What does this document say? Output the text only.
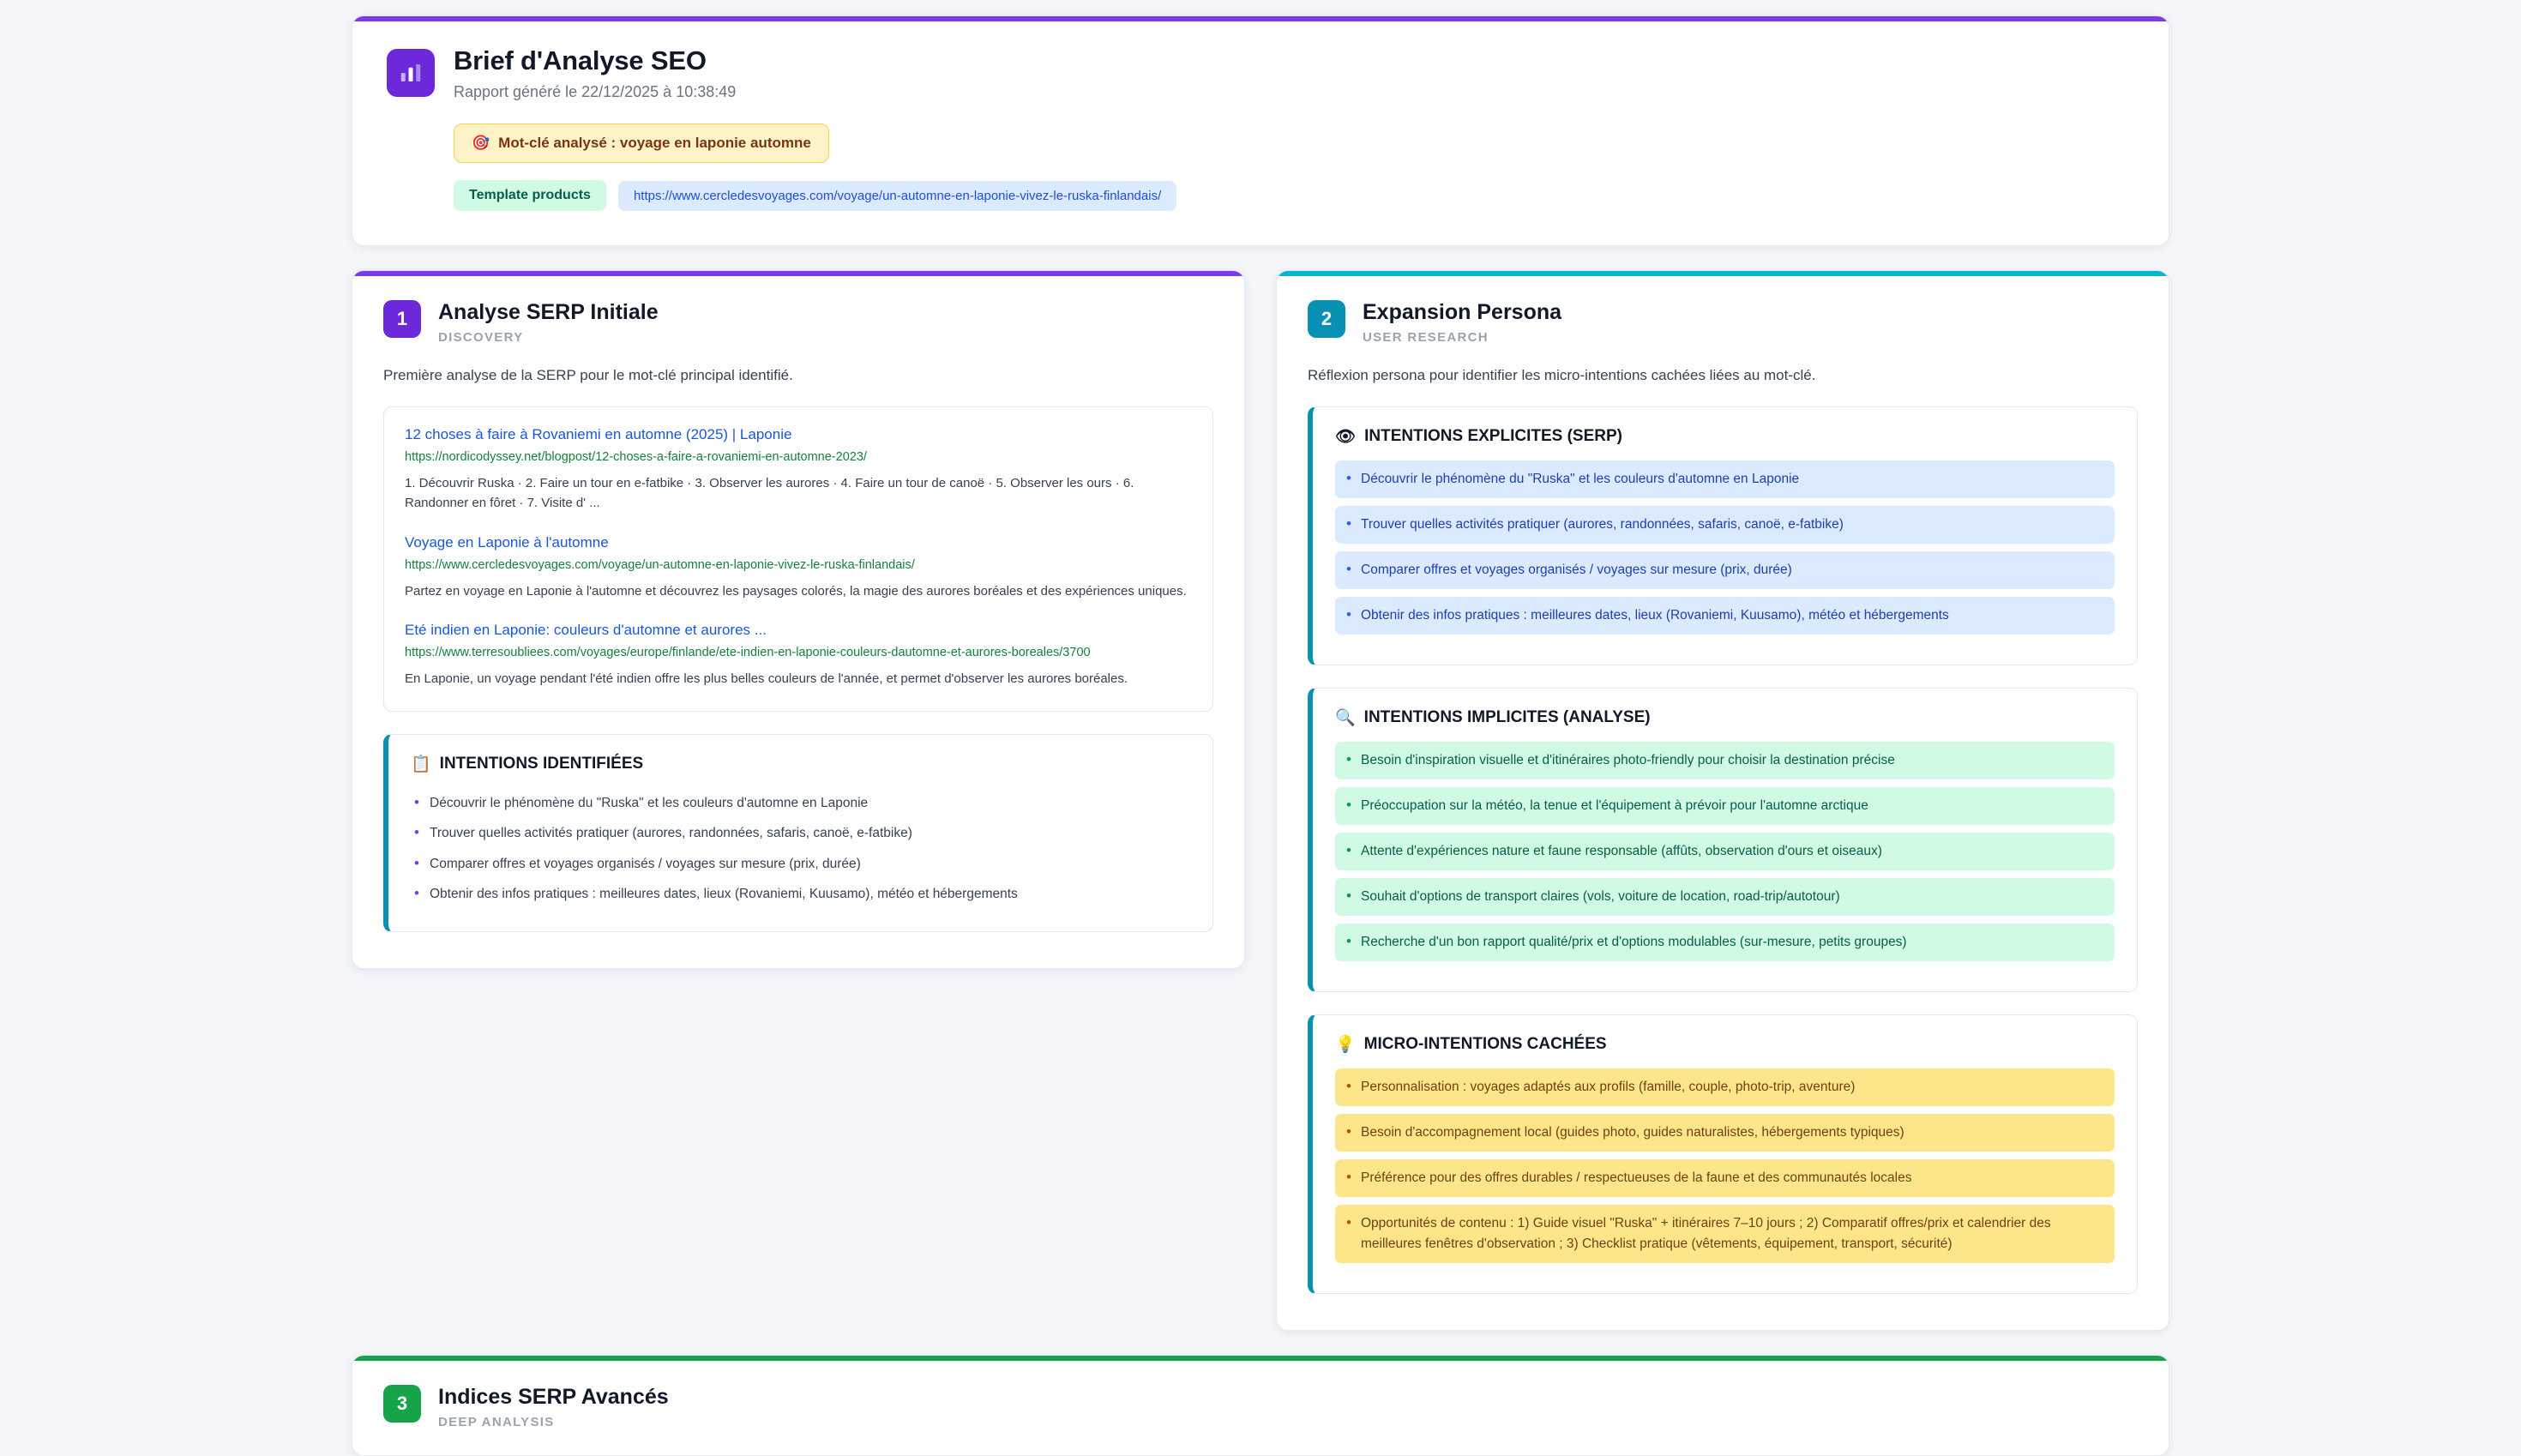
Brief d'Analyse SEO
Rapport généré le 22/12/2025 à 10:38:49
🎯 Mot-clé analysé : voyage en laponie automne
Template products	https://www.cercledesvoyages.com/voyage/un-automne-en-laponie-vivez-le-ruska-finlandais/
1	Analyse SERP Initiale
DISCOVERY

Première analyse de la SERP pour le mot-clé principal identifié.

12 choses à faire à Rovaniemi en automne (2025) | Laponie
https://nordicodyssey.net/blogpost/12-choses-a-faire-a-rovaniemi-en-automne-2023/
1. Découvrir Ruska · 2. Faire un tour en e-fatbike · 3. Observer les aurores · 4. Faire un tour de canoë · 5. Observer les ours · 6. Randonner en fôret · 7. Visite d' ...
Voyage en Laponie à l'automne
https://www.cercledesvoyages.com/voyage/un-automne-en-laponie-vivez-le-ruska-finlandais/
Partez en voyage en Laponie à l'automne et découvrez les paysages colorés, la magie des aurores boréales et des expériences uniques.
Eté indien en Laponie: couleurs d'automne et aurores ...
https://www.terresoubliees.com/voyages/europe/finlande/ete-indien-en-laponie-couleurs-dautomne-et-aurores-boreales/3700
En Laponie, un voyage pendant l'été indien offre les plus belles couleurs de l'année, et permet d'observer les aurores boréales.
📋 INTENTIONS IDENTIFIÉES
• Découvrir le phénomène du "Ruska" et les couleurs d'automne en Laponie
• Trouver quelles activités pratiquer (aurores, randonnées, safaris, canoë, e-fatbike)
• Comparer offres et voyages organisés / voyages sur mesure (prix, durée)
• Obtenir des infos pratiques : meilleures dates, lieux (Rovaniemi, Kuusamo), météo et hébergements
2	Expansion Persona
USER RESEARCH

Réflexion persona pour identifier les micro-intentions cachées liées au mot-clé.

👁 INTENTIONS EXPLICITES (SERP)
• Découvrir le phénomène du "Ruska" et les couleurs d'automne en Laponie
• Trouver quelles activités pratiquer (aurores, randonnées, safaris, canoë, e-fatbike)
• Comparer offres et voyages organisés / voyages sur mesure (prix, durée)
• Obtenir des infos pratiques : meilleures dates, lieux (Rovaniemi, Kuusamo), météo et hébergements
🔍 INTENTIONS IMPLICITES (ANALYSE)
• Besoin d'inspiration visuelle et d'itinéraires photo-friendly pour choisir la destination précise
• Préoccupation sur la météo, la tenue et l'équipement à prévoir pour l'automne arctique
• Attente d'expériences nature et faune responsable (affûts, observation d'ours et oiseaux)
• Souhait d'options de transport claires (vols, voiture de location, road-trip/autotour)
• Recherche d'un bon rapport qualité/prix et d'options modulables (sur-mesure, petits groupes)
💡 MICRO-INTENTIONS CACHÉES
• Personnalisation : voyages adaptés aux profils (famille, couple, photo-trip, aventure)
• Besoin d'accompagnement local (guides photo, guides naturalistes, hébergements typiques)
• Préférence pour des offres durables / respectueuses de la faune et des communautés locales
• Opportunités de contenu : 1) Guide visuel "Ruska" + itinéraires 7–10 jours ; 2) Comparatif offres/prix et calendrier des meilleures fenêtres d'observation ; 3) Checklist pratique (vêtements, équipement, transport, sécurité)
3	Indices SERP Avancés
DEEP ANALYSIS
